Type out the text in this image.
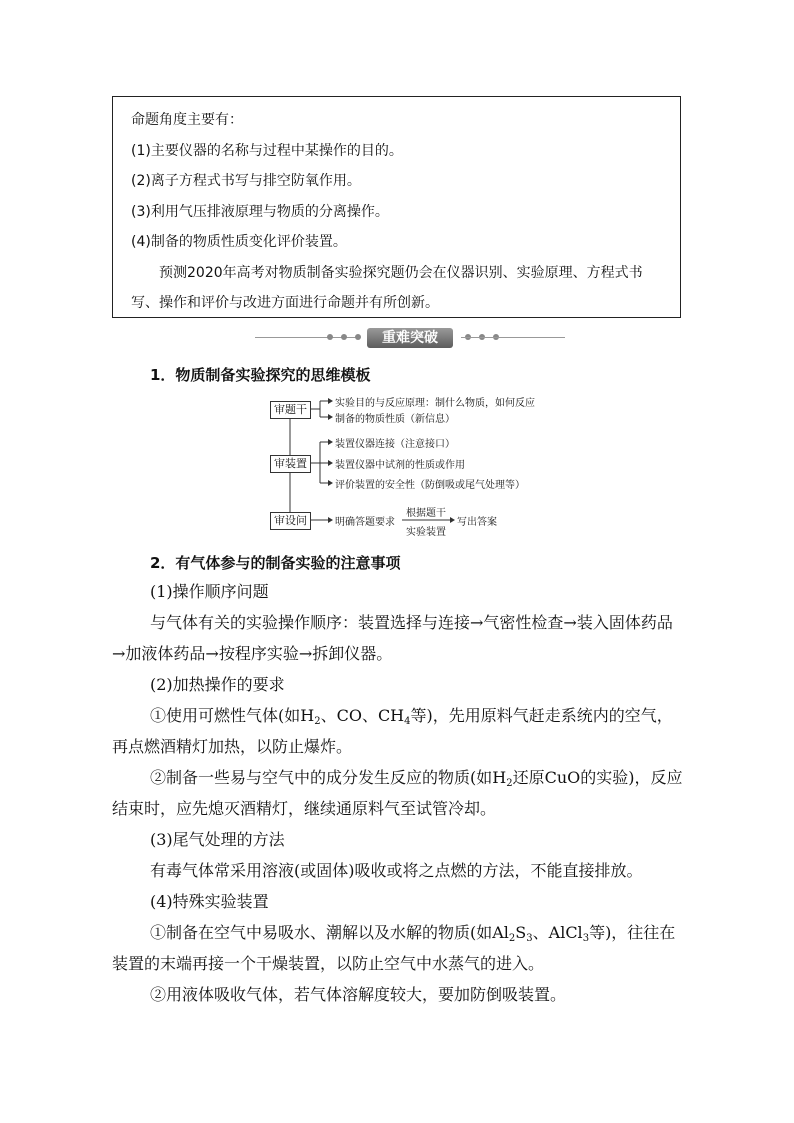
命题角度主要有：

(1)主要仪器的名称与过程中某操作的目的。

(2)离子方程式书写与排空防氧作用。

(3)利用气压排液原理与物质的分离操作。

(4)制备的物质性质变化评价装置。

预测2020年高考对物质制备实验探究题仍会在仪器识别、实验原理、方程式书写、操作和评价与改进方面进行命题并有所创新。

重难突破
1．物质制备实验探究的思维模板
审题干	实验目的与反应原理：制什么物质，如何反应
制备的物质性质（新信息）
审装置
装置仪器连接（注意接口）
装置仪器中试剂的性质或作用
评价装置的安全性（防倒吸或尾气处理等）
审设问	明确答题要求
根据题干
实验装置
写出答案
2．有气体参与的制备实验的注意事项
(1)操作顺序问题
与气体有关的实验操作顺序：装置选择与连接→气密性检查→装入固体药品→加液体药品→按程序实验→拆卸仪器。
(2)加热操作的要求
①使用可燃性气体(如$H_2$、CO、$CH_4$等)，先用原料气赶走系统内的空气，再点燃酒精灯加热，以防止爆炸。
②制备一些易与空气中的成分发生反应的物质(如$H_2$还原CuO的实验)，反应结束时，应先熄灭酒精灯，继续通原料气至试管冷却。
(3)尾气处理的方法
有毒气体常采用溶液(或固体)吸收或将之点燃的方法，不能直接排放。
(4)特殊实验装置
①制备在空气中易吸水、潮解以及水解的物质(如$Al_2S_3$、AlCl$_3$等)，往往在装置的末端再接一个干燥装置，以防止空气中水蒸气的进入。
②用液体吸收气体，若气体溶解度较大，要加防倒吸装置。
